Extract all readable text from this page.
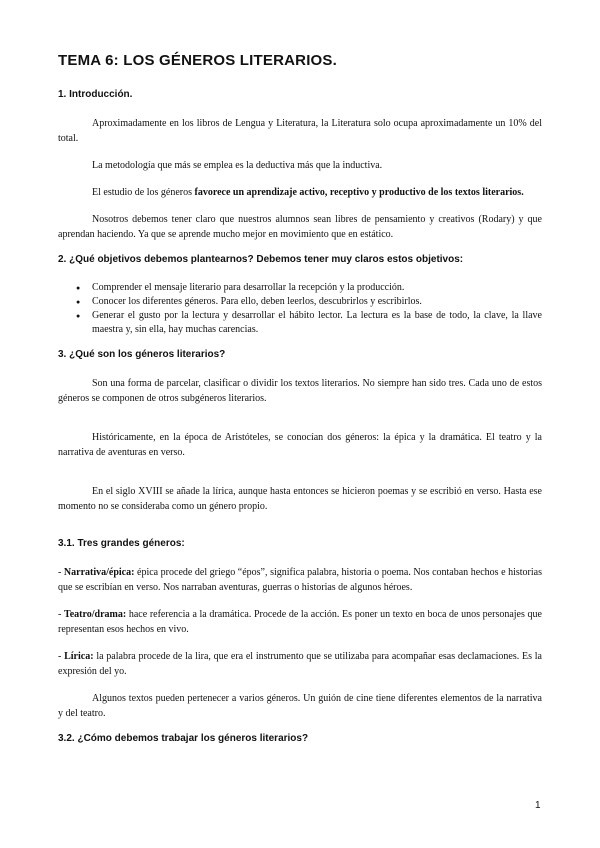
TEMA 6: LOS GÉNEROS LITERARIOS.
1. Introducción.

Aproximadamente en los libros de Lengua y Literatura, la Literatura solo ocupa aproximadamente un 10% del total.

La metodología que más se emplea es la deductiva más que la inductiva.

El estudio de los géneros favorece un aprendizaje activo, receptivo y productivo de los textos literarios.

Nosotros debemos tener claro que nuestros alumnos sean libres de pensamiento y creativos (Rodary) y que aprendan haciendo. Ya que se aprende mucho mejor en movimiento que en estático.

2. ¿Qué objetivos debemos plantearnos? Debemos tener muy claros estos objetivos:
● Comprender el mensaje literario para desarrollar la recepción y la producción.
● Conocer los diferentes géneros. Para ello, deben leerlos, descubrirlos y escribirlos.
● Generar el gusto por la lectura y desarrollar el hábito lector. La lectura es la base de todo, la clave, la llave maestra y, sin ella, hay muchas carencias.
3. ¿Qué son los géneros literarios?

Son una forma de parcelar, clasificar o dividir los textos literarios. No siempre han sido tres. Cada uno de estos géneros se componen de otros subgéneros literarios.

Históricamente, en la época de Aristóteles, se conocían dos géneros: la épica y la dramática. El teatro y la narrativa de aventuras en verso.

En el siglo XVIII se añade la lírica, aunque hasta entonces se hicieron poemas y se escribió en verso. Hasta ese momento no se consideraba como un género propio.

3.1. Tres grandes géneros:

- Narrativa/épica: épica procede del griego “épos”, significa palabra, historia o poema. Nos contaban hechos e historias que se escribían en verso. Nos narraban aventuras, guerras o historias de algunos héroes.

- Teatro/drama: hace referencia a la dramática. Procede de la acción. Es poner un texto en boca de unos personajes que representan esos hechos en vivo.

- Lírica: la palabra procede de la lira, que era el instrumento que se utilizaba para acompañar esas declamaciones. Es la expresión del yo.

Algunos textos pueden pertenecer a varios géneros. Un guión de cine tiene diferentes elementos de la narrativa y del teatro.

3.2. ¿Cómo debemos trabajar los géneros literarios?
1
